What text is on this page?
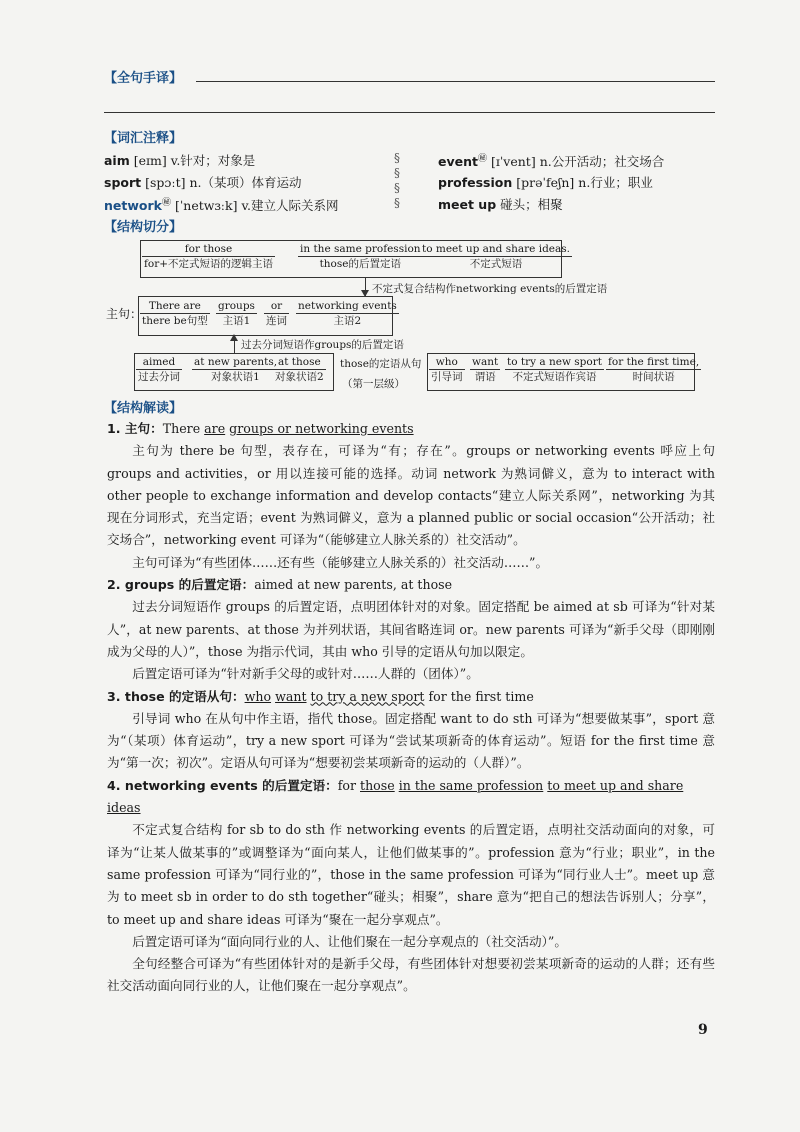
【全句手译】
【词汇注释】
aim [eɪm] v.针对；对象是	event㊙ [ɪˈvent] n.公开活动；社交场合
sport [spɔːt] n.（某项）体育运动	profession [prəˈfeʃn] n.行业；职业
network㊙ [ˈnetwɜːk] v.建立人际关系网	meet up 碰头；相聚
§
§
§
§
【结构切分】
for those
for+不定式短语的逻辑主语
in the same profession
those的后置定语
to meet up and share ideas.
不定式短语
不定式复合结构作networking events的后置定语
主句：
There are
there be句型
groups
主语1
or
连词
networking events
主语2
过去分词短语作groups的后置定语
aimed
过去分词
at new parents,
对象状语1
at those
对象状语2
those的定语从句
（第一层级）
who
引导词
want
谓语
to try a new sport
不定式短语作宾语
for the first time,
时间状语
【结构解读】
1. 主句：There are groups or networking events

主句为 there be 句型，表存在，可译为“有；存在”。groups or networking events 呼应上句 groups and activities，or 用以连接可能的选择。动词 network 为熟词僻义，意为 to interact with other people to exchange information and develop contacts“建立人际关系网”，networking 为其现在分词形式，充当定语；event 为熟词僻义，意为 a planned public or social occasion“公开活动；社交场合”，networking event 可译为“（能够建立人脉关系的）社交活动”。

主句可译为“有些团体……还有些（能够建立人脉关系的）社交活动……”。

2. groups 的后置定语：aimed at new parents, at those

过去分词短语作 groups 的后置定语，点明团体针对的对象。固定搭配 be aimed at sb 可译为“针对某人”，at new parents、at those 为并列状语，其间省略连词 or。new parents 可译为“新手父母（即刚刚成为父母的人）”，those 为指示代词，其由 who 引导的定语从句加以限定。

后置定语可译为“针对新手父母的或针对……人群的（团体）”。

3. those 的定语从句：who want to try a new sport for the first time

引导词 who 在从句中作主语，指代 those。固定搭配 want to do sth 可译为“想要做某事”，sport 意为“（某项）体育运动”，try a new sport 可译为“尝试某项新奇的体育运动”。短语 for the first time 意为“第一次；初次”。定语从句可译为“想要初尝某项新奇的运动的（人群）”。

4. networking events 的后置定语：for those in the same profession to meet up and share ideas

不定式复合结构 for sb to do sth 作 networking events 的后置定语，点明社交活动面向的对象，可译为“让某人做某事的”或调整译为“面向某人，让他们做某事的”。profession 意为“行业；职业”，in the same profession 可译为“同行业的”，those in the same profession 可译为“同行业人士”。meet up 意为 to meet sb in order to do sth together“碰头；相聚”，share 意为“把自己的想法告诉别人；分享”，to meet up and share ideas 可译为“聚在一起分享观点”。

后置定语可译为“面向同行业的人、让他们聚在一起分享观点的（社交活动）”。

全句经整合可译为“有些团体针对的是新手父母，有些团体针对想要初尝某项新奇的运动的人群；还有些社交活动面向同行业的人，让他们聚在一起分享观点”。

9
